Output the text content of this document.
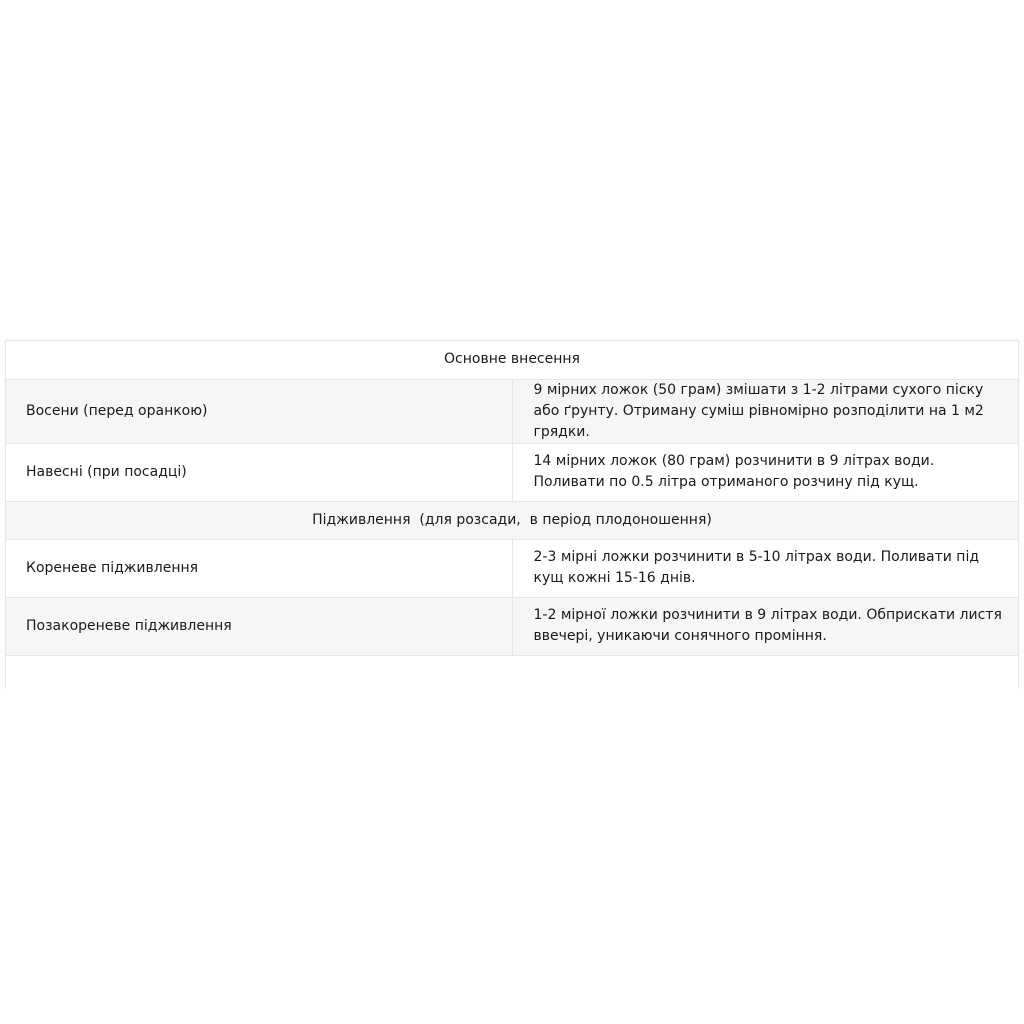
Основне внесення	
Восени (перед оранкою)	9 мірних ложок (50 грам) змішати з 1-2 літрами сухого піску або ґрунту. Отриману суміш рівномірно розподілити на 1 м2 грядки.
Навесні (при посадці)	14 мірних ложок (80 грам) розчинити в 9 літрах води. Поливати по 0.5 літра отриманого розчину під кущ.
Підживлення  (для розсади,  в період плодоношення)	
Кореневе підживлення	2-3 мірні ложки розчинити в 5-10 літрах води. Поливати під кущ кожні 15-16 днів.
Позакореневе підживлення	1-2 мірної ложки розчинити в 9 літрах води. Обприскати листя ввечері, уникаючи сонячного проміння.
